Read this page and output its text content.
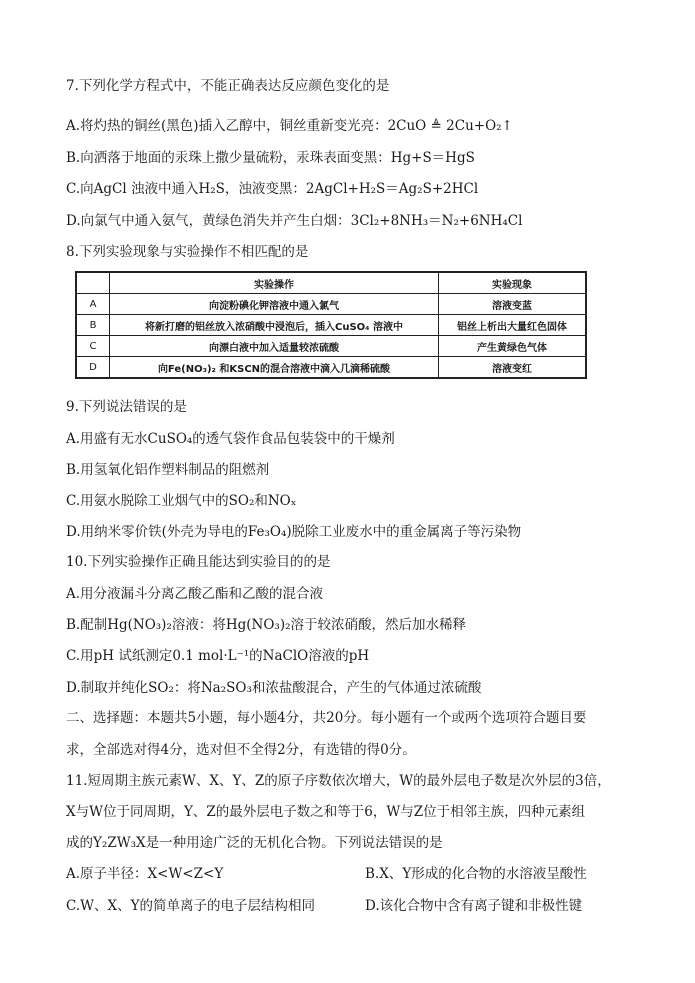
7.下列化学方程式中，不能正确表达反应颜色变化的是
A.将灼热的铜丝(黑色)插入乙醇中，铜丝重新变光亮：2CuO ≜ 2Cu+O₂↑
B.向洒落于地面的汞珠上撒少量硫粉，汞珠表面变黑：Hg+S＝HgS
C.向AgCl 浊液中通入H₂S，浊液变黑：2AgCl+H₂S＝Ag₂S+2HCl
D.向氯气中通入氨气，黄绿色消失并产生白烟：3Cl₂+8NH₃＝N₂+6NH₄Cl
8.下列实验现象与实验操作不相匹配的是
	实验操作	实验现象
A	向淀粉碘化钾溶液中通入氯气	溶液变蓝
B	将新打磨的铝丝放入浓硝酸中浸泡后，插入CuSO₄ 溶液中	铝丝上析出大量红色固体
C	向漂白液中加入适量较浓硫酸	产生黄绿色气体
D	向Fe(NO₃)₂ 和KSCN的混合溶液中滴入几滴稀硫酸	溶液变红
9.下列说法错误的是
A.用盛有无水CuSO₄的透气袋作食品包装袋中的干燥剂
B.用氢氧化铝作塑料制品的阻燃剂
C.用氨水脱除工业烟气中的SO₂和NOₓ
D.用纳米零价铁(外壳为导电的Fe₃O₄)脱除工业废水中的重金属离子等污染物
10.下列实验操作正确且能达到实验目的的是
A.用分液漏斗分离乙酸乙酯和乙酸的混合液
B.配制Hg(NO₃)₂溶液：将Hg(NO₃)₂溶于较浓硝酸，然后加水稀释
C.用pH 试纸测定0.1 mol·L⁻¹的NaClO溶液的pH
D.制取并纯化SO₂：将Na₂SO₃和浓盐酸混合，产生的气体通过浓硫酸
二、选择题：本题共5小题，每小题4分，共20分。每小题有一个或两个选项符合题目要
求，全部选对得4分，选对但不全得2分，有选错的得0分。
11.短周期主族元素W、X、Y、Z的原子序数依次增大，W的最外层电子数是次外层的3倍，
X与W位于同周期，Y、Z的最外层电子数之和等于6，W与Z位于相邻主族，四种元素组
成的Y₂ZW₃X是一种用途广泛的无机化合物。下列说法错误的是
A.原子半径：X<W<Z<Y	B.X、Y形成的化合物的水溶液呈酸性
C.W、X、Y的简单离子的电子层结构相同	D.该化合物中含有离子键和非极性键
